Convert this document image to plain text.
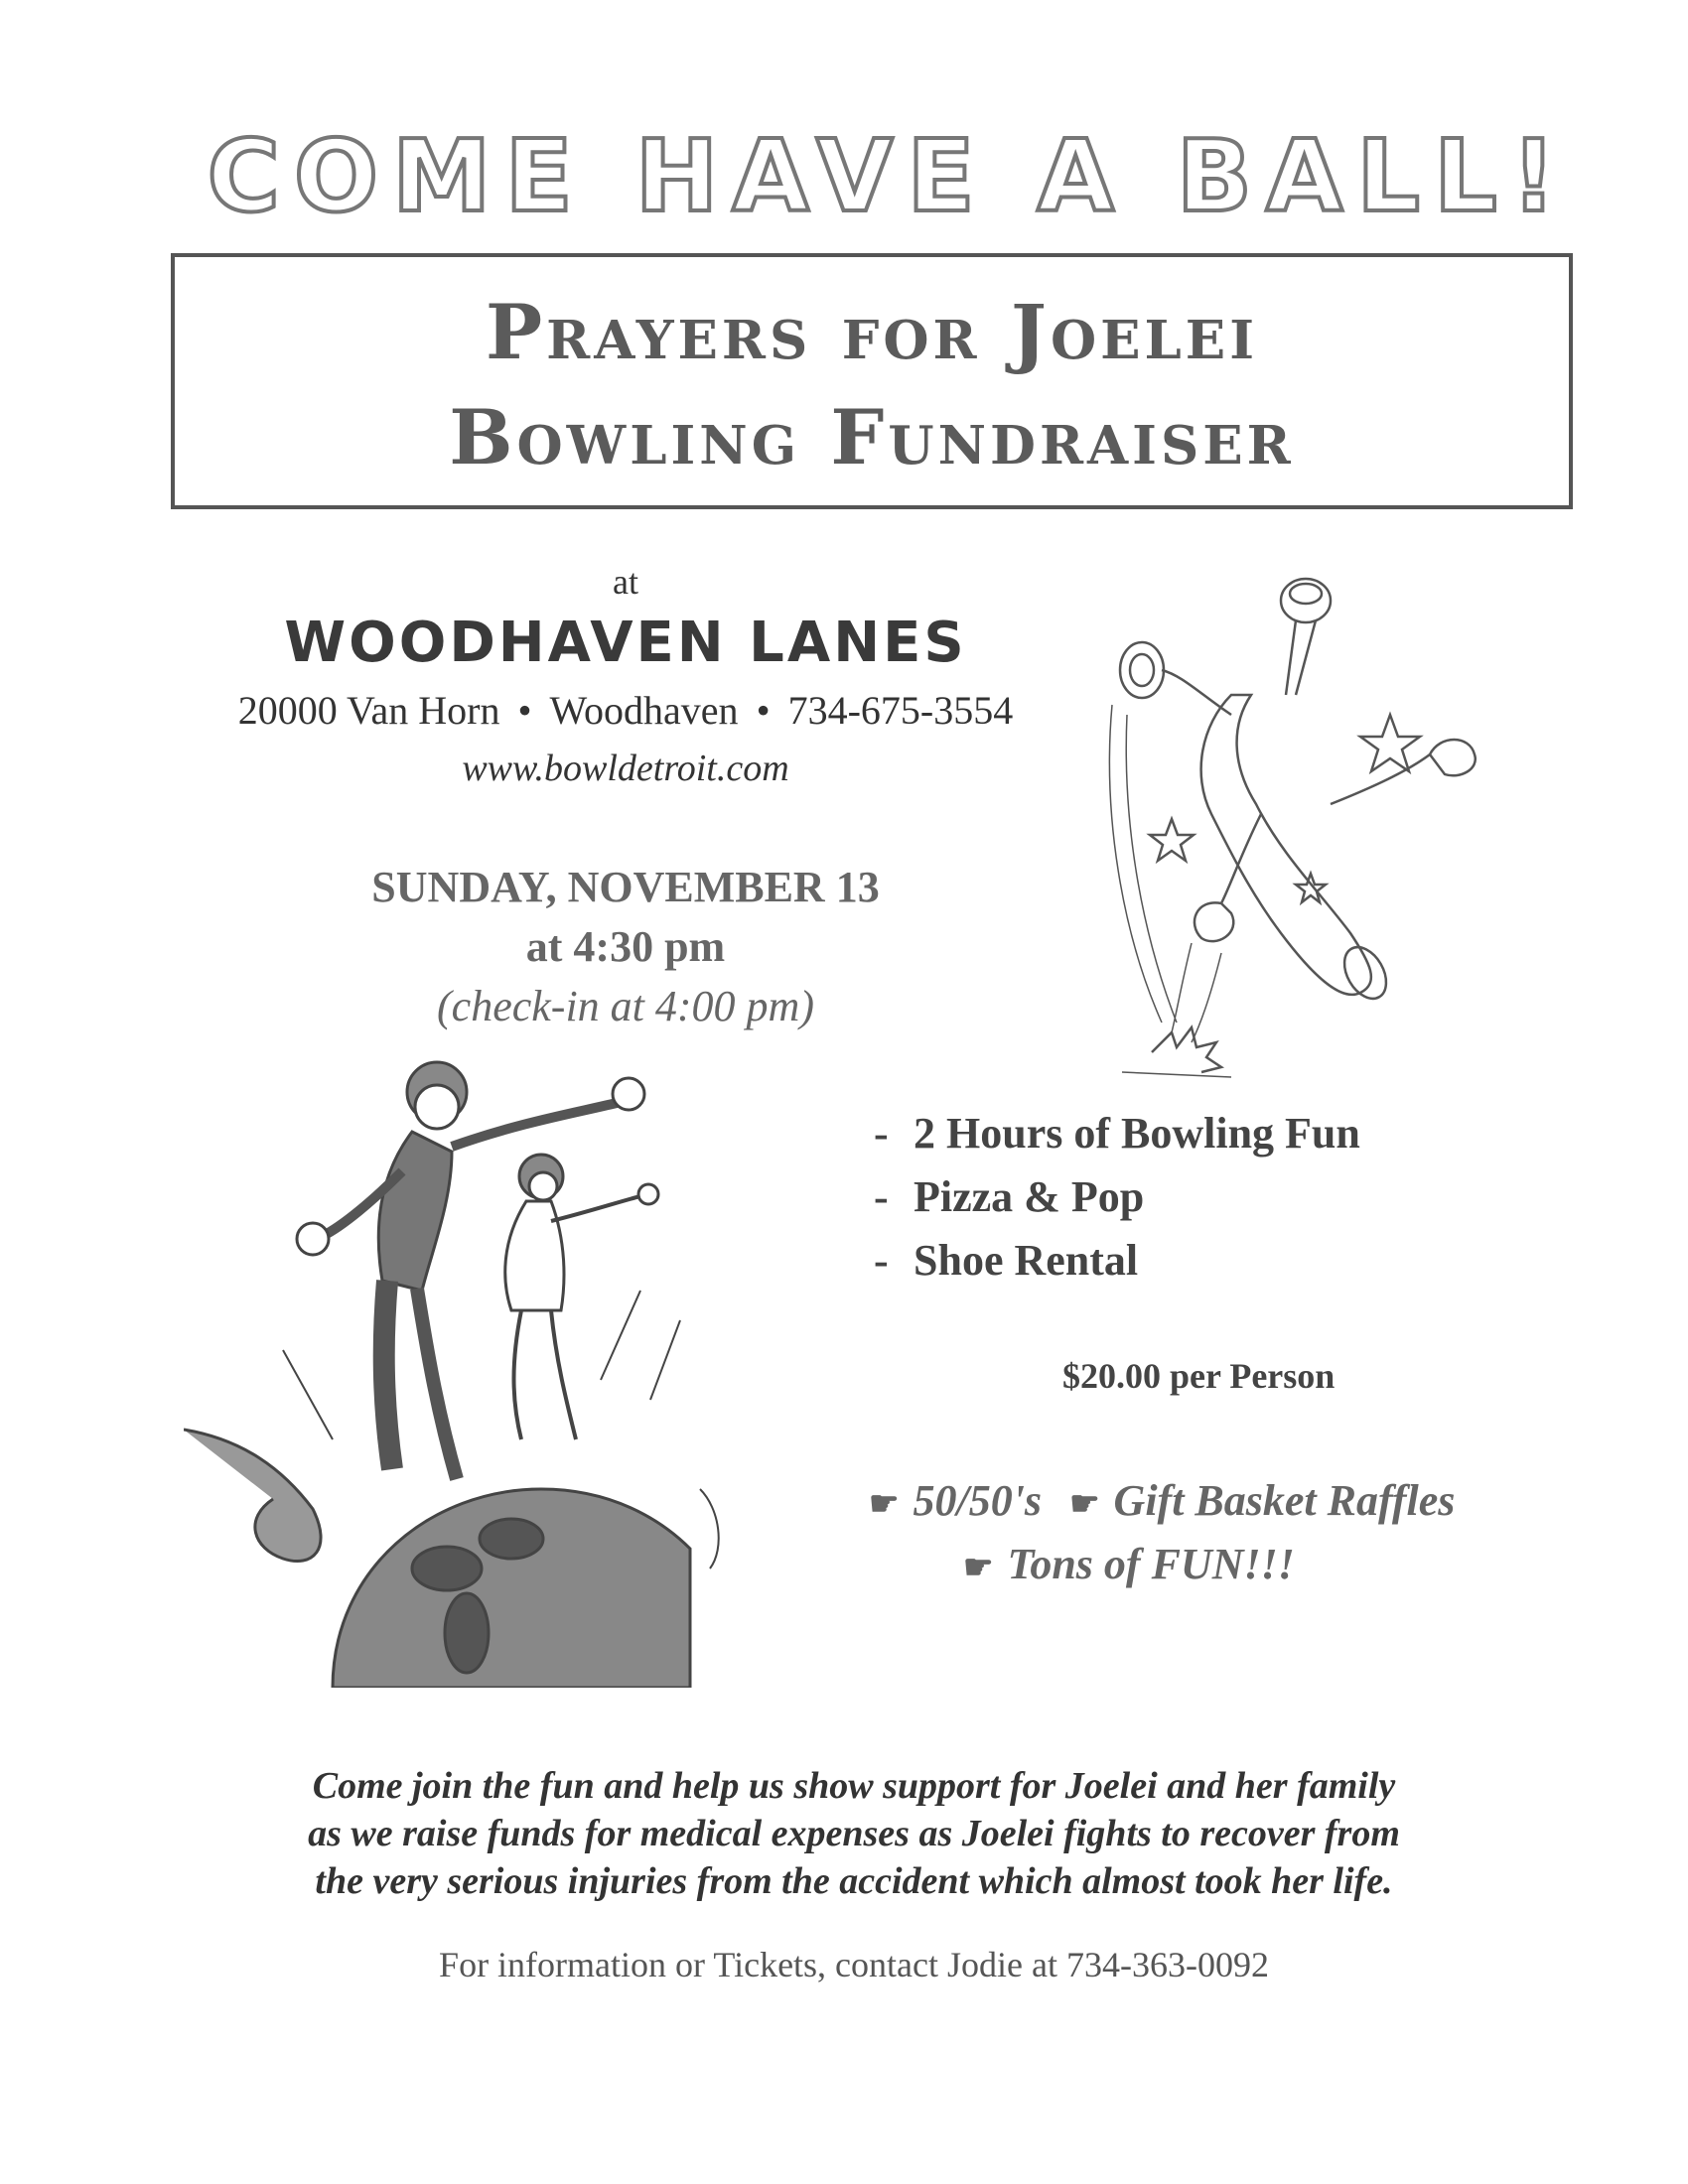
COME HAVE A BALL!
Prayers for Joelei
Bowling Fundraiser
at
WOODHAVEN LANES
20000 Van Horn • Woodhaven • 734-675-3554
www.bowldetroit.com
SUNDAY, NOVEMBER 13
at 4:30 pm
(check-in at 4:00 pm)
- 2 Hours of Bowling Fun
- Pizza & Pop
- Shoe Rental
$20.00 per Person
☛ 50/50's ☛ Gift Basket Raffles
☛ Tons of FUN!!!
Come join the fun and help us show support for Joelei and her family
as we raise funds for medical expenses as Joelei fights to recover from
the very serious injuries from the accident which almost took her life.
For information or Tickets, contact Jodie at 734-363-0092
